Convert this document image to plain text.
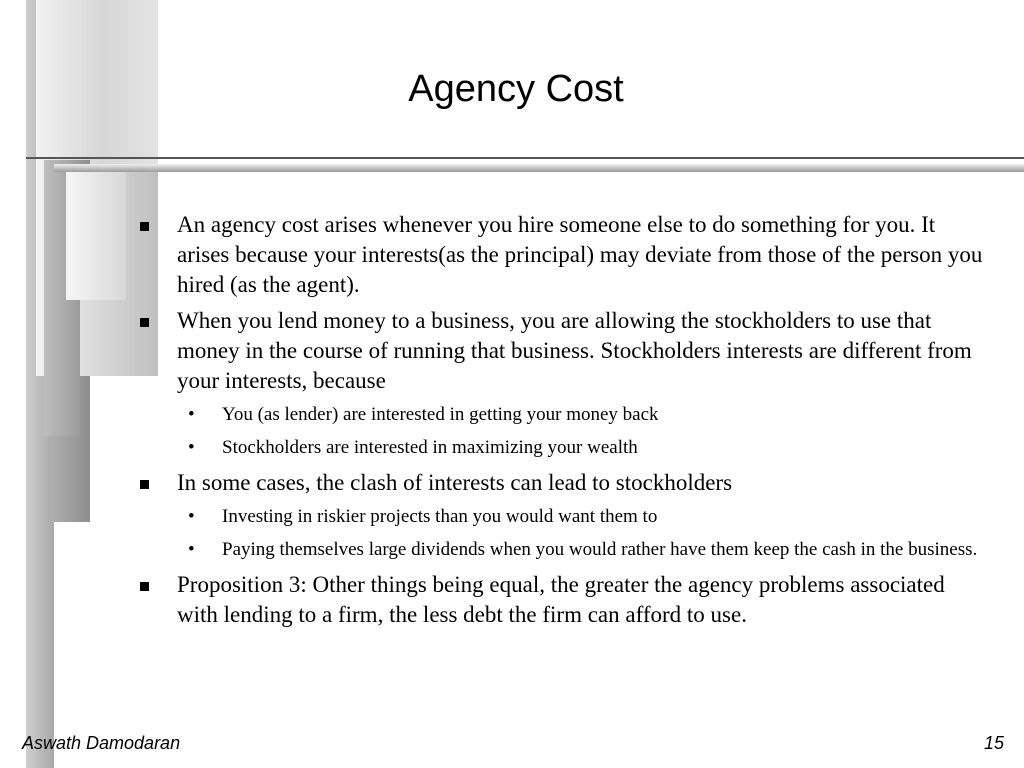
Agency Cost
An agency cost arises whenever you hire someone else to do something for you. It arises because your interests(as the principal) may deviate from those of the person you hired (as the agent).
When you lend money to a business, you are allowing the stockholders to use that money in the course of running that business. Stockholders interests are different from your interests, because
• You (as lender) are interested in getting your money back
• Stockholders are interested in maximizing your wealth
In some cases, the clash of interests can lead to stockholders
• Investing in riskier projects than you would want them to
• Paying themselves large dividends when you would rather have them keep the cash in the business.
Proposition 3: Other things being equal, the greater the agency problems associated with lending to a firm, the less debt the firm can afford to use.
Aswath Damodaran	15
